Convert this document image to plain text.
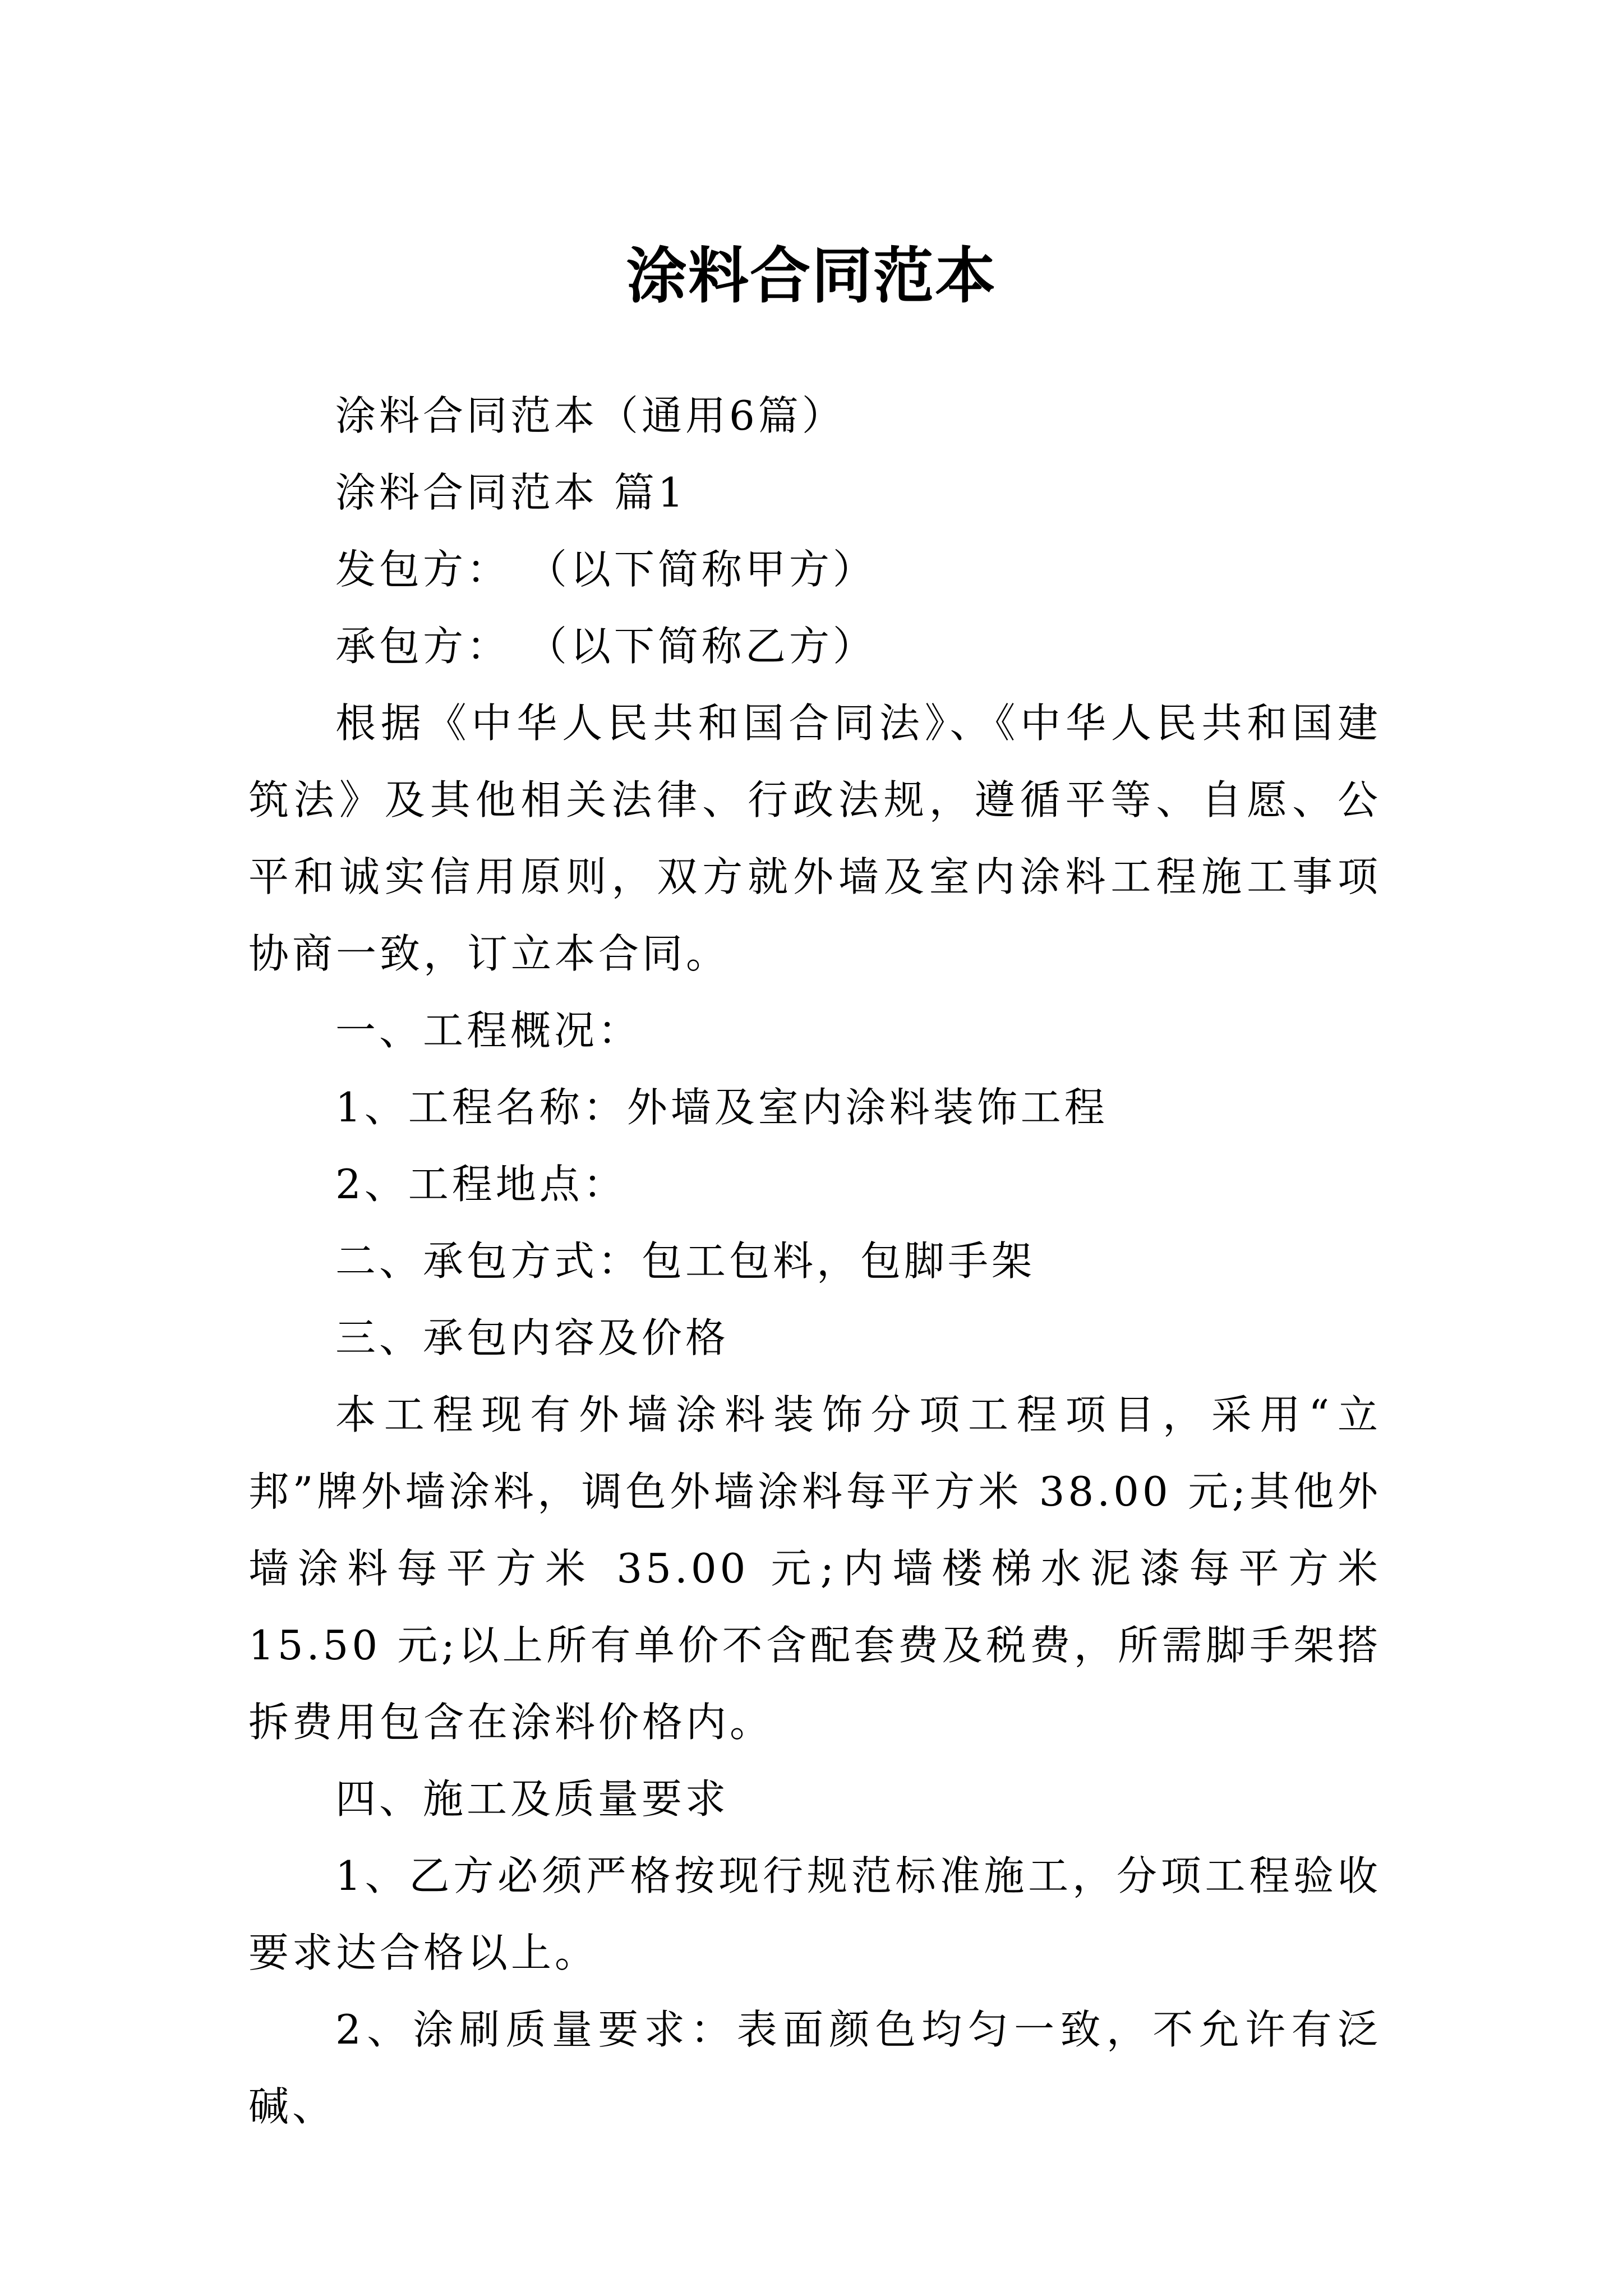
涂料合同范本

涂料合同范本（通用6篇）

涂料合同范本 篇1

发包方： （以下简称甲方）

承包方： （以下简称乙方）

根据《中华人民共和国合同法》、《中华人民共和国建筑法》及其他相关法律、行政法规，遵循平等、自愿、公平和诚实信用原则，双方就外墙及室内涂料工程施工事项协商一致，订立本合同。

一、工程概况：

1、工程名称：外墙及室内涂料装饰工程

2、工程地点：

二、承包方式：包工包料，包脚手架

三、承包内容及价格

本工程现有外墙涂料装饰分项工程项目，采用“立邦”牌外墙涂料，调色外墙涂料每平方米 38.00 元;其他外墙涂料每平方米 35.00 元;内墙楼梯水泥漆每平方米 15.50 元;以上所有单价不含配套费及税费，所需脚手架搭拆费用包含在涂料价格内。

四、施工及质量要求

1、乙方必须严格按现行规范标准施工，分项工程验收要求达合格以上。

2、涂刷质量要求：表面颜色均匀一致，不允许有泛碱、
